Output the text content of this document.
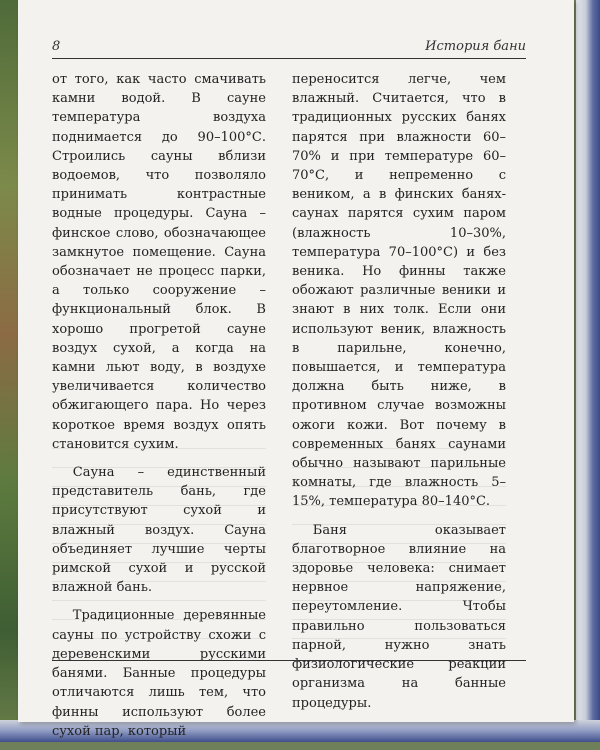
8	История бани

от того, как часто смачивать камни водой. В сауне температура воздуха поднимается до 90–100°С. Строились сауны вблизи водоемов, что позволяло принимать контрастные водные процедуры. Сауна – финское слово, обозначающее замкнутое помещение. Сауна обозначает не процесс парки, а только сооружение – функциональный блок. В хорошо прогретой сауне воздух сухой, а когда на камни льют воду, в воздухе увеличивается количество обжигающего пара. Но через короткое время воздух опять становится сухим.

Сауна – единственный представитель бань, где присутствуют сухой и влажный воздух. Сауна объединяет лучшие черты римской сухой и русской влажной бань.

Традиционные деревянные сауны по устройству схожи с деревенскими русскими банями. Банные процедуры отличаются лишь тем, что финны используют более сухой пар, который

переносится легче, чем влажный. Считается, что в традиционных русских банях парятся при влажности 60–70% и при температуре 60–70°С, и непременно с веником, а в финских банях-саунах парятся сухим паром (влажность 10–30%, температура 70–100°С) и без веника. Но финны также обожают различные веники и знают в них толк. Если они используют веник, влажность в парильне, конечно, повышается, и температура должна быть ниже, в противном случае возможны ожоги кожи. Вот почему в современных банях саунами обычно называют парильные комнаты, где влажность 5–15%, температура 80–140°С.

Баня оказывает благотворное влияние на здоровье человека: снимает нервное напряжение, переутомление. Чтобы правильно пользоваться парной, нужно знать физиологические реакции организма на банные процедуры.
